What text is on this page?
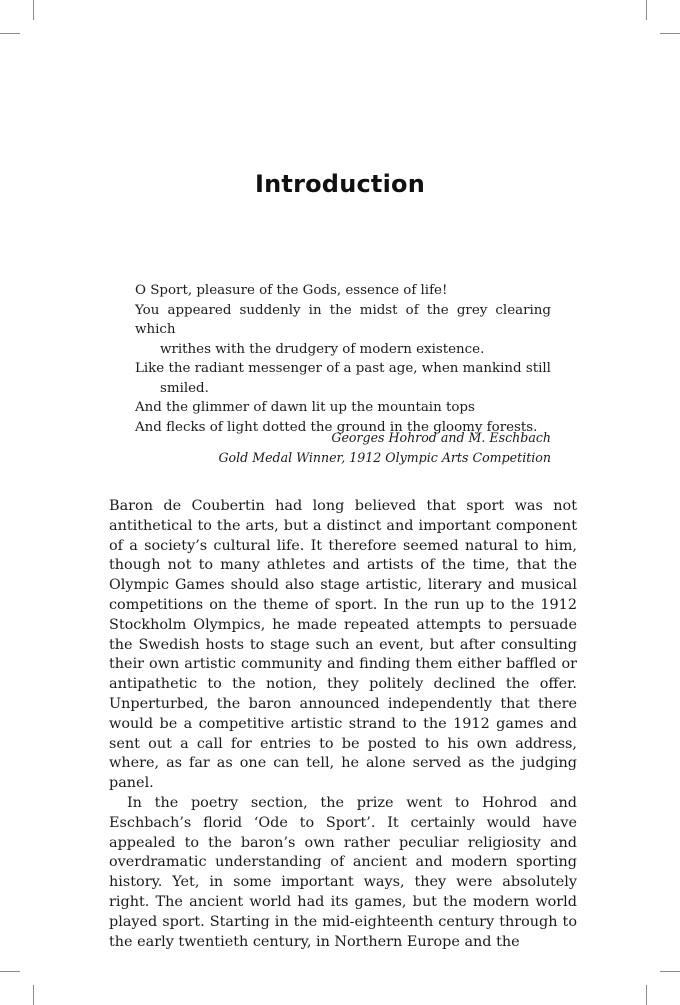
Introduction
O Sport, pleasure of the Gods, essence of life!
You appeared suddenly in the midst of the grey clearing which
writhes with the drudgery of modern existence.
Like the radiant messenger of a past age, when mankind still
smiled.
And the glimmer of dawn lit up the mountain tops
And flecks of light dotted the ground in the gloomy forests.
Georges Hohrod and M. Eschbach
Gold Medal Winner, 1912 Olympic Arts Competition

Baron de Coubertin had long believed that sport was not antithetical to the arts, but a distinct and important component of a society’s cultural life. It therefore seemed natural to him, though not to many athletes and artists of the time, that the Olympic Games should also stage artistic, literary and musical competitions on the theme of sport. In the run up to the 1912 Stockholm Olympics, he made repeated attempts to persuade the Swedish hosts to stage such an event, but after consulting their own artistic community and finding them either baffled or antipathetic to the notion, they politely declined the offer. Unperturbed, the baron announced independently that there would be a competitive artistic strand to the 1912 games and sent out a call for entries to be posted to his own address, where, as far as one can tell, he alone served as the judging panel.

In the poetry section, the prize went to Hohrod and Eschbach’s florid ‘Ode to Sport’. It certainly would have appealed to the baron’s own rather peculiar religiosity and overdramatic understanding of ancient and modern sporting history. Yet, in some important ways, they were absolutely right. The ancient world had its games, but the modern world played sport. Starting in the mid-eighteenth century through to the early twentieth century, in Northern Europe and the
